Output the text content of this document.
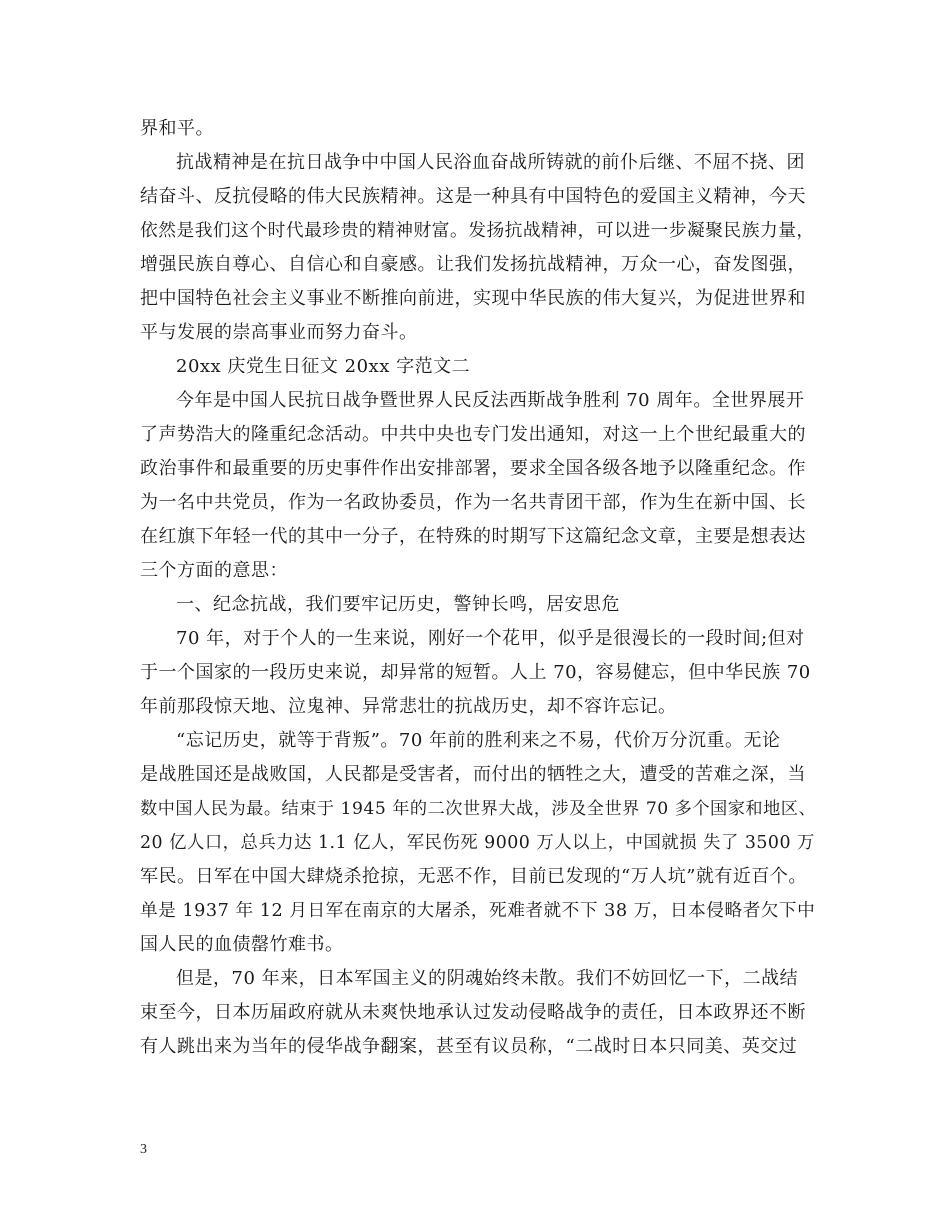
界和平。
抗战精神是在抗日战争中中国人民浴血奋战所铸就的前仆后继、不屈不挠、团
结奋斗、反抗侵略的伟大民族精神。这是一种具有中国特色的爱国主义精神，今天
依然是我们这个时代最珍贵的精神财富。发扬抗战精神，可以进一步凝聚民族力量，
增强民族自尊心、自信心和自豪感。让我们发扬抗战精神，万众一心，奋发图强，
把中国特色社会主义事业不断推向前进，实现中华民族的伟大复兴，为促进世界和
平与发展的崇高事业而努力奋斗。
20xx 庆党生日征文 20xx 字范文二
今年是中国人民抗日战争暨世界人民反法西斯战争胜利 70 周年。全世界展开
了声势浩大的隆重纪念活动。中共中央也专门发出通知，对这一上个世纪最重大的
政治事件和最重要的历史事件作出安排部署，要求全国各级各地予以隆重纪念。作
为一名中共党员，作为一名政协委员，作为一名共青团干部，作为生在新中国、长
在红旗下年轻一代的其中一分子，在特殊的时期写下这篇纪念文章，主要是想表达
三个方面的意思：
一、纪念抗战，我们要牢记历史，警钟长鸣，居安思危
70 年，对于个人的一生来说，刚好一个花甲，似乎是很漫长的一段时间;但对
于一个国家的一段历史来说，却异常的短暂。人上 70，容易健忘，但中华民族 70
年前那段惊天地、泣鬼神、异常悲壮的抗战历史，却不容许忘记。
“忘记历史，就等于背叛”。70 年前的胜利来之不易，代价万分沉重。无论
是战胜国还是战败国，人民都是受害者，而付出的牺牲之大，遭受的苦难之深，当
数中国人民为最。结束于 1945 年的二次世界大战，涉及全世界 70 多个国家和地区、
20 亿人口，总兵力达 1.1 亿人，军民伤死 9000 万人以上，中国就损 失了 3500 万
军民。日军在中国大肆烧杀抢掠，无恶不作，目前已发现的“万人坑”就有近百个。
单是 1937 年 12 月日军在南京的大屠杀，死难者就不下 38 万，日本侵略者欠下中
国人民的血债罄竹难书。
但是，70 年来，日本军国主义的阴魂始终未散。我们不妨回忆一下，二战结
束至今，日本历届政府就从未爽快地承认过发动侵略战争的责任，日本政界还不断
有人跳出来为当年的侵华战争翻案，甚至有议员称，“二战时日本只同美、英交过
3
